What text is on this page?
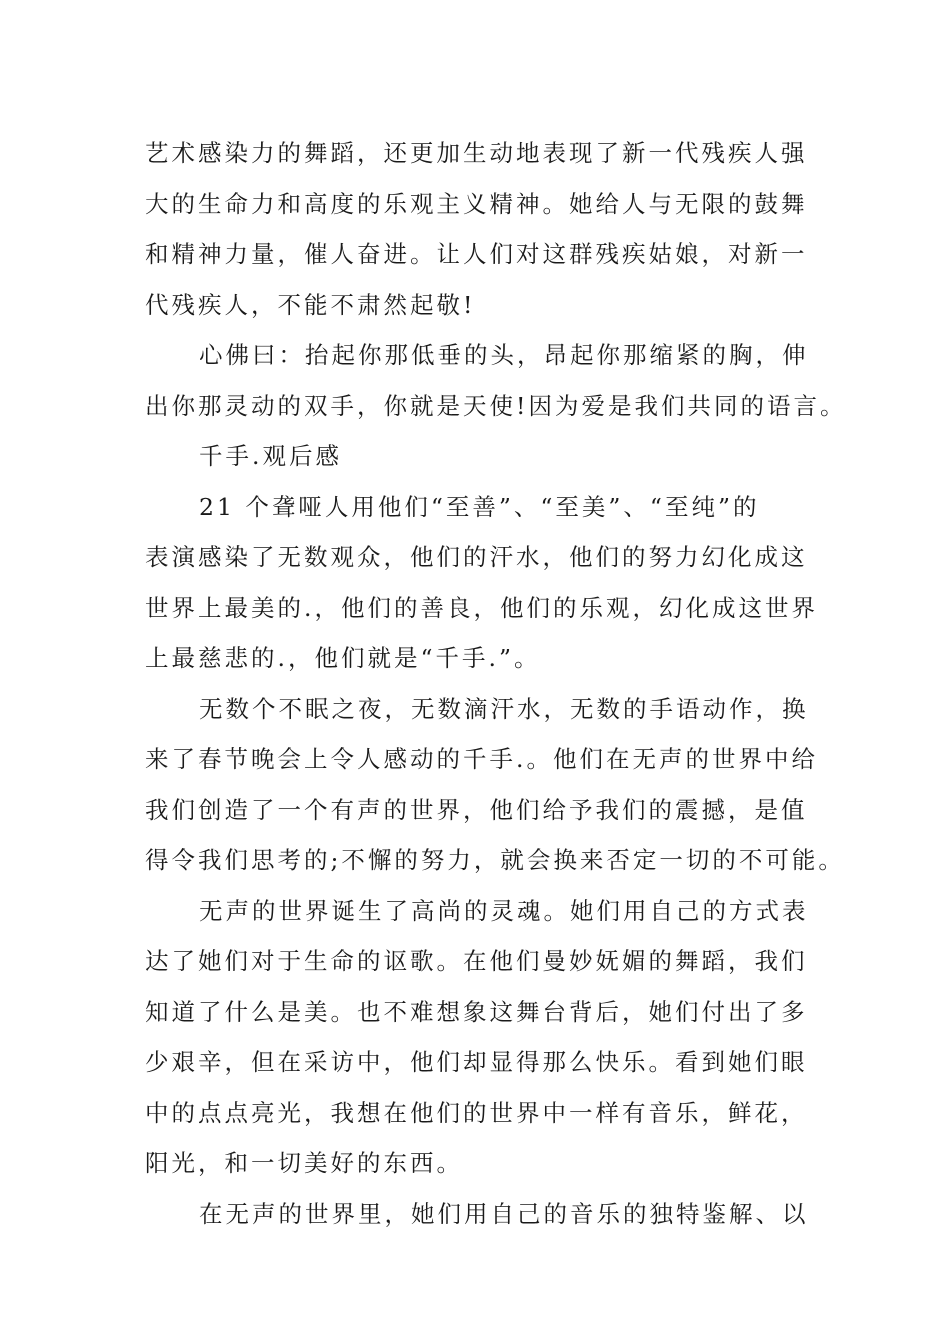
艺术感染力的舞蹈，还更加生动地表现了新一代残疾人强
大的生命力和高度的乐观主义精神。她给人与无限的鼓舞
和精神力量，催人奋进。让人们对这群残疾姑娘，对新一
代残疾人，不能不肃然起敬!

心佛曰：抬起你那低垂的头，昂起你那缩紧的胸，伸
出你那灵动的双手，你就是天使!因为爱是我们共同的语言。

千手.观后感

21 个聋哑人用他们“至善”、“至美”、“至纯”的
表演感染了无数观众，他们的汗水，他们的努力幻化成这
世界上最美的.，他们的善良，他们的乐观，幻化成这世界
上最慈悲的.，他们就是“千手.”。

无数个不眠之夜，无数滴汗水，无数的手语动作，换
来了春节晚会上令人感动的千手.。他们在无声的世界中给
我们创造了一个有声的世界，他们给予我们的震撼，是值
得令我们思考的;不懈的努力，就会换来否定一切的不可能。

无声的世界诞生了高尚的灵魂。她们用自己的方式表
达了她们对于生命的讴歌。在他们曼妙妩媚的舞蹈，我们
知道了什么是美。也不难想象这舞台背后，她们付出了多
少艰辛，但在采访中，他们却显得那么快乐。看到她们眼
中的点点亮光，我想在他们的世界中一样有音乐，鲜花，
阳光，和一切美好的东西。

在无声的世界里，她们用自己的音乐的独特鉴解、以
